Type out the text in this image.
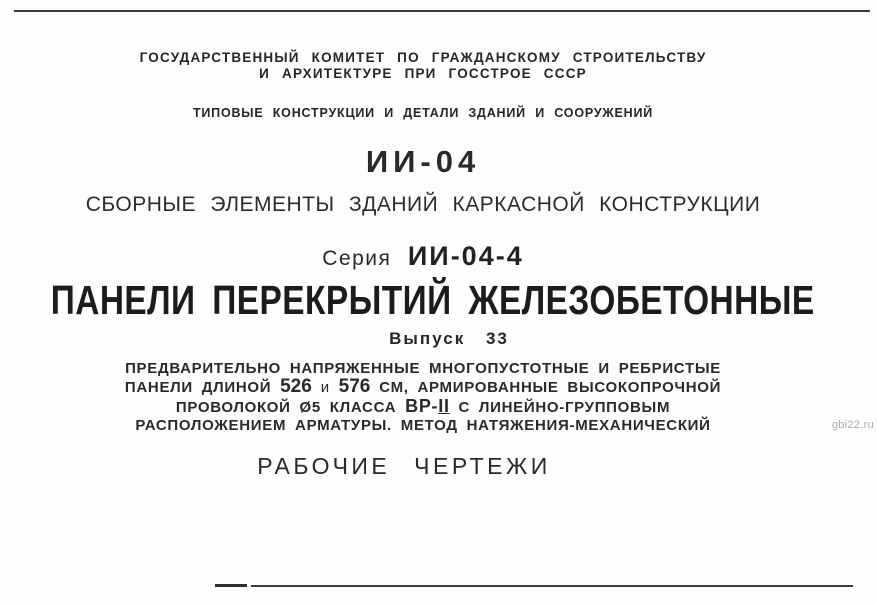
ГОСУДАРСТВЕННЫЙ КОМИТЕТ ПО ГРАЖДАНСКОМУ СТРОИТЕЛЬСТВУ
И АРХИТЕКТУРЕ ПРИ ГОССТРОЕ СССР
ТИПОВЫЕ КОНСТРУКЦИИ И ДЕТАЛИ ЗДАНИЙ И СООРУЖЕНИЙ
ИИ-04
СБОРНЫЕ ЭЛЕМЕНТЫ ЗДАНИЙ КАРКАСНОЙ КОНСТРУКЦИИ
Серия ИИ-04-4
ПАНЕЛИ ПЕРЕКРЫТИЙ ЖЕЛЕЗОБЕТОННЫЕ
Выпуск 33
ПРЕДВАРИТЕЛЬНО НАПРЯЖЕННЫЕ МНОГОПУСТОТНЫЕ И РЕБРИСТЫЕ
ПАНЕЛИ ДЛИНОЙ 526 и 576 СМ, АРМИРОВАННЫЕ ВЫСОКОПРОЧНОЙ
ПРОВОЛОКОЙ Ø5 КЛАССА ВР-II С ЛИНЕЙНО-ГРУППОВЫМ
РАСПОЛОЖЕНИЕМ АРМАТУРЫ. МЕТОД НАТЯЖЕНИЯ-МЕХАНИЧЕСКИЙ
РАБОЧИЕ ЧЕРТЕЖИ
gbi22.ru
